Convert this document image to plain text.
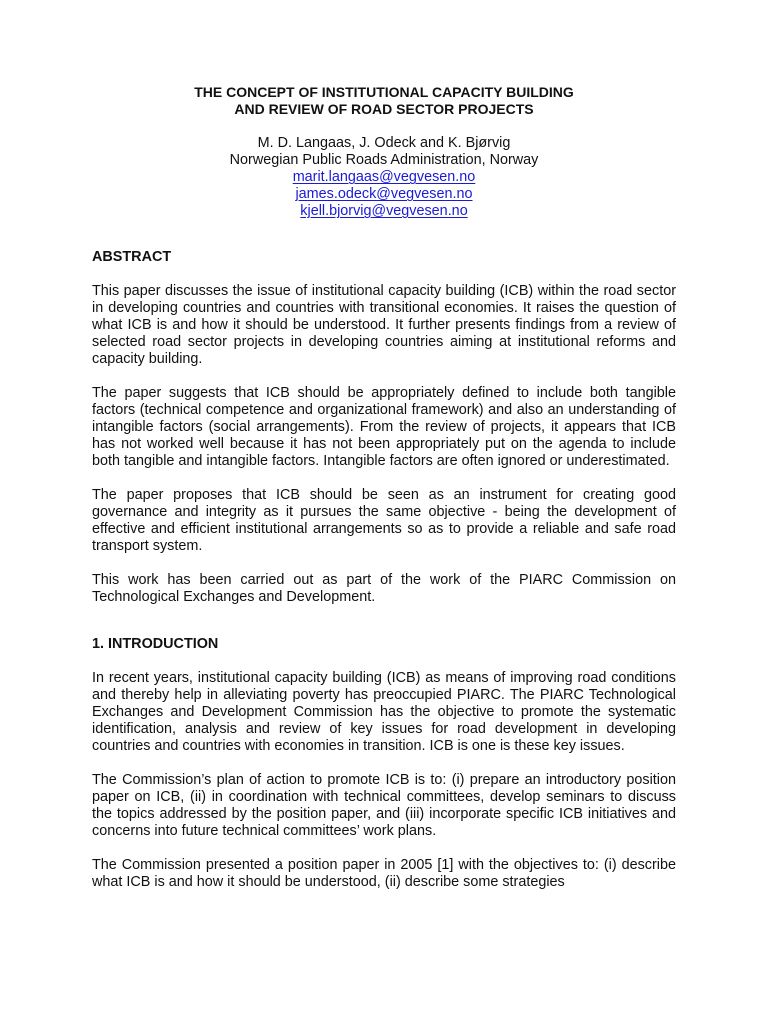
THE CONCEPT OF INSTITUTIONAL CAPACITY BUILDING
AND REVIEW OF ROAD SECTOR PROJECTS
M. D. Langaas, J. Odeck and K. Bjørvig
Norwegian Public Roads Administration, Norway
marit.langaas@vegvesen.no
james.odeck@vegvesen.no
kjell.bjorvig@vegvesen.no
ABSTRACT

This paper discusses the issue of institutional capacity building (ICB) within the road sector in developing countries and countries with transitional economies. It raises the question of what ICB is and how it should be understood. It further presents findings from a review of selected road sector projects in developing countries aiming at institutional reforms and capacity building.

The paper suggests that ICB should be appropriately defined to include both tangible factors (technical competence and organizational framework) and also an understanding of intangible factors (social arrangements). From the review of projects, it appears that ICB has not worked well because it has not been appropriately put on the agenda to include both tangible and intangible factors. Intangible factors are often ignored or underestimated.

The paper proposes that ICB should be seen as an instrument for creating good governance and integrity as it pursues the same objective - being the development of effective and efficient institutional arrangements so as to provide a reliable and safe road transport system.

This work has been carried out as part of the work of the PIARC Commission on Technological Exchanges and Development.

1. INTRODUCTION

In recent years, institutional capacity building (ICB) as means of improving road conditions and thereby help in alleviating poverty has preoccupied PIARC. The PIARC Technological Exchanges and Development Commission has the objective to promote the systematic identification, analysis and review of key issues for road development in developing countries and countries with economies in transition. ICB is one is these key issues.

The Commission’s plan of action to promote ICB is to: (i) prepare an introductory position paper on ICB, (ii) in coordination with technical committees, develop seminars to discuss the topics addressed by the position paper, and (iii) incorporate specific ICB initiatives and concerns into future technical committees’ work plans.

The Commission presented a position paper in 2005 [1] with the objectives to: (i) describe what ICB is and how it should be understood, (ii) describe some strategies
